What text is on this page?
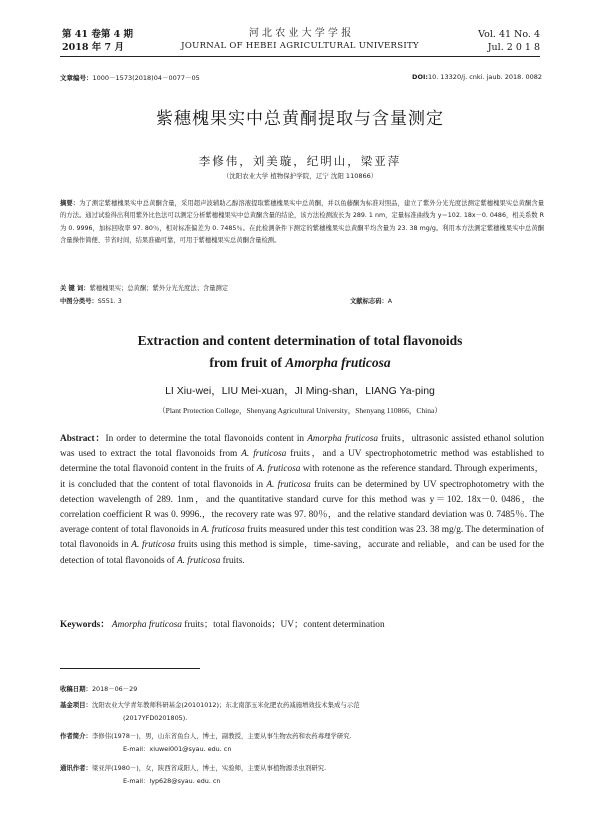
第 41 卷第 4 期
2018 年 7 月
河 北 农 业 大 学 学 报
JOURNAL OF HEBEI AGRICULTURAL UNIVERSITY
Vol. 41 No. 4
Jul. 2 0 1 8
文章编号：1000－1573(2018)04－0077－05	DOI:10. 13320/j. cnki. jaub. 2018. 0082
紫穗槐果实中总黄酮提取与含量测定
李修伟，刘美璇，纪明山，梁亚萍
（沈阳农业大学 植物保护学院，辽宁 沈阳 110866）
摘要：为了测定紫穗槐果实中总黄酮含量，采用超声波辅助乙醇溶液提取紫穗槐果实中总黄酮，并以鱼藤酮为标准对照品，建立了紫外分光光度法测定紫穗槐果实总黄酮含量的方法。通过试验得出利用紫外比色法可以测定分析紫穗槐果实中总黄酮含量的结论，该方法检测波长为 289. 1 nm，定量标准曲线为 y＝102. 18x－0. 0486，相关系数 R 为 0. 9996，加标回收率 97. 80％，相对标准偏差为 0. 7485％。在此检测条件下测定的紫穗槐果实总黄酮平均含量为 23. 38 mg/g。利用本方法测定紫穗槐果实中总黄酮含量操作简便、节省时间，结果准确可靠，可用于紫穗槐果实总黄酮含量检测。
关 键 词：紫穗槐果实；总黄酮；紫外分光光度法；含量测定
中图分类号：S551. 3	文献标志码：A
Extraction and content determination of total flavonoids
from fruit of Amorpha fruticosa
LI Xiu-wei，LIU Mei-xuan，JI Ming-shan，LIANG Ya-ping
（Plant Protection College，Shenyang Agricultural University，Shenyang 110866，China）
Abstract：In order to determine the total flavonoids content in Amorpha fruticosa fruits，ultrasonic assisted ethanol solution was used to extract the total flavonoids from A. fruticosa fruits，and a UV spectrophotometric method was established to determine the total flavonoid content in the fruits of A. fruticosa with rotenone as the reference standard. Through experiments，it is concluded that the content of total flavonoids in A. fruticosa fruits can be determined by UV spectrophotometry with the detection wavelength of 289. 1nm，and the quantitative standard curve for this method was y＝102. 18x－0. 0486，the correlation coefficient R was 0. 9996.，the recovery rate was 97. 80％，and the relative standard deviation was 0. 7485％. The average content of total flavonoids in A. fruticosa fruits measured under this test condition was 23. 38 mg/g. The determination of total flavonoids in A. fruticosa fruits using this method is simple，time-saving，accurate and reliable，and can be used for the detection of total flavonoids of A. fruticosa fruits.
Keywords： Amorpha fruticosa fruits；total flavonoids；UV；content determination
收稿日期：2018－06－29
基金项目：沈阳农业大学青年教师科研基金(20101012)；东北南部玉米化肥农药减施增效技术集成与示范
(2017YFD0201805).
作者简介：李修伟(1978－)，男，山东省鱼台人，博士，副教授，主要从事生物农药和农药毒理学研究.
E-mail：xiuwei001@syau. edu. cn
通讯作者：梁亚萍(1980－)，女，陕西省咸阳人，博士，实验师，主要从事植物源杀虫剂研究.
E-mail：lyp628@syau. edu. cn
